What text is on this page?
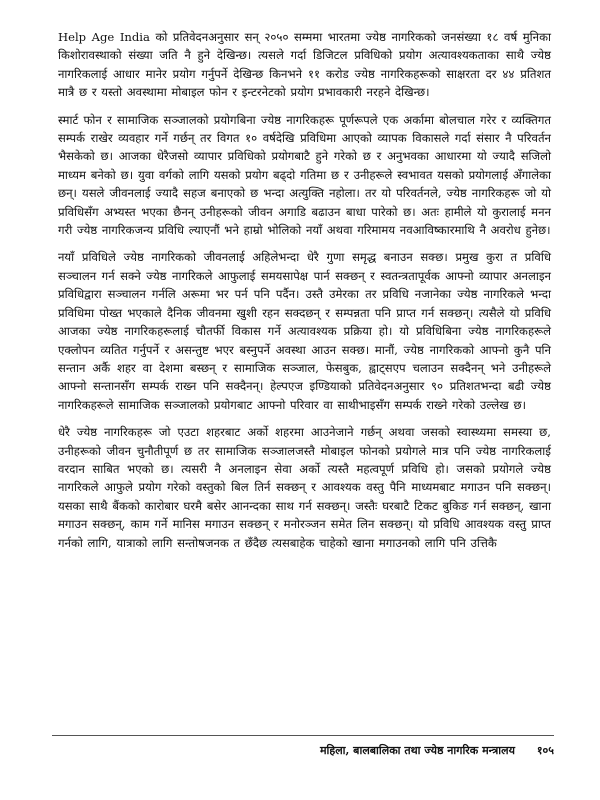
Help Age India को प्रतिवेदनअनुसार सन् २०५० सम्ममा भारतमा ज्येष्ठ नागरिकको जनसंख्या १८ वर्ष मुनिका किशोरावस्थाको संख्या जति नै हुने देखिन्छ। त्यसले गर्दा डिजिटल प्रविधिको प्रयोग अत्यावश्यकताका साथै ज्येष्ठ नागरिकलाई आधार मानेर प्रयोग गर्नुपर्ने देखिन्छ किनभने ११ करोड ज्येष्ठ नागरिकहरूको साक्षरता दर ४४ प्रतिशत मात्रै छ र यस्तो अवस्थामा मोबाइल फोन र इन्टरनेटको प्रयोग प्रभावकारी नरहने देखिन्छ।

स्मार्ट फोन र सामाजिक सञ्जालको प्रयोगबिना ज्येष्ठ नागरिकहरू पूर्णरूपले एक अर्कामा बोलचाल गरेर र व्यक्तिगत सम्पर्क राखेर व्यवहार गर्ने गर्छन् तर विगत १० वर्षदेखि प्रविधिमा आएको व्यापक विकासले गर्दा संसार नै परिवर्तन भैसकेको छ। आजका धेरैजसो व्यापार प्रविधिको प्रयोगबाटै हुने गरेको छ र अनुभवका आधारमा यो ज्यादै सजिलो माध्यम बनेको छ। युवा वर्गको लागि यसको प्रयोग बढ्दो गतिमा छ र उनीहरूले स्वभावत यसको प्रयोगलाई अँगालेका छन्। यसले जीवनलाई ज्यादै सहज बनाएको छ भन्दा अत्युक्ति नहोला। तर यो परिवर्तनले, ज्येष्ठ नागरिकहरू जो यो प्रविधिसँग अभ्यस्त भएका छैनन् उनीहरूको जीवन अगाडि बढाउन बाधा पारेको छ। अतः हामीले यो कुरालाई मनन गरी ज्येष्ठ नागरिकजन्य प्रविधि ल्याएनौं भने हाम्रो भोलिको नयाँ अथवा गरिमामय नवआविष्कारमाथि नै अवरोध हुनेछ।

नयाँ प्रविधिले ज्येष्ठ नागरिकको जीवनलाई अहिलेभन्दा धेरै गुणा समृद्ध बनाउन सक्छ। प्रमुख कुरा त प्रविधि सञ्चालन गर्न सक्ने ज्येष्ठ नागरिकले आफुलाई समयसापेक्ष पार्न सक्छन् र स्वतन्त्रतापूर्वक आफ्नो व्यापार अनलाइन प्रविधिद्वारा सञ्चालन गर्नलि अरूमा भर पर्न पनि पर्दैन। उस्तै उमेरका तर प्रविधि नजानेका ज्येष्ठ नागरिकले भन्दा प्रविधिमा पोख्त भएकाले दैनिक जीवनमा खुशी रहन सक्दछन् र सम्पन्नता पनि प्राप्त गर्न सक्छन्। त्यसैले यो प्रविधि आजका ज्येष्ठ नागरिकहरूलाई चौतर्फी विकास गर्ने अत्यावश्यक प्रक्रिया हो। यो प्रविधिबिना ज्येष्ठ नागरिकहरूले एक्लोपन व्यतित गर्नुपर्ने र असन्तुष्ट भएर बस्नुपर्ने अवस्था आउन सक्छ। मानौं, ज्येष्ठ नागरिकको आफ्नो कुनै पनि सन्तान अर्कै शहर वा देशमा बस्छन् र सामाजिक सञ्जाल, फेसबुक, ह्वाट्सएप चलाउन सक्दैनन् भने उनीहरूले आफ्नो सन्तानसँग सम्पर्क राख्न पनि सक्दैनन्। हेल्पएज इण्डियाको प्रतिवेदनअनुसार ९० प्रतिशतभन्दा बढी ज्येष्ठ नागरिकहरूले सामाजिक सञ्जालको प्रयोगबाट आफ्नो परिवार वा साथीभाइसँग सम्पर्क राख्ने गरेको उल्लेख छ।

धेरै ज्येष्ठ नागरिकहरू जो एउटा शहरबाट अर्को शहरमा आउनेजाने गर्छन् अथवा जसको स्वास्थ्यमा समस्या छ, उनीहरूको जीवन चुनौतीपूर्ण छ तर सामाजिक सञ्जालजस्तै मोबाइल फोनको प्रयोगले मात्र पनि ज्येष्ठ नागरिकलाई वरदान साबित भएको छ। त्यसरी नै अनलाइन सेवा अर्को त्यस्तै महत्वपूर्ण प्रविधि हो। जसको प्रयोगले ज्येष्ठ नागरिकले आफुले प्रयोग गरेको वस्तुको बिल तिर्न सक्छन् र आवश्यक वस्तु पैनि माध्यमबाट मगाउन पनि सक्छन्। यसका साथै बैंकको कारोबार घरमै बसेर आनन्दका साथ गर्न सक्छन्। जस्तैः घरबाटै टिकट बुकिङ गर्न सक्छन्, खाना मगाउन सक्छन्, काम गर्ने मानिस मगाउन सक्छन् र मनोरञ्जन समेत लिन सक्छन्। यो प्रविधि आवश्यक वस्तु प्राप्त गर्नको लागि, यात्राको लागि सन्तोषजनक त छँदैछ त्यसबाहेक चाहेको खाना मगाउनको लागि पनि उत्तिकै

महिला, बालबालिका तथा ज्येष्ठ नागरिक मन्त्रालय १०५
